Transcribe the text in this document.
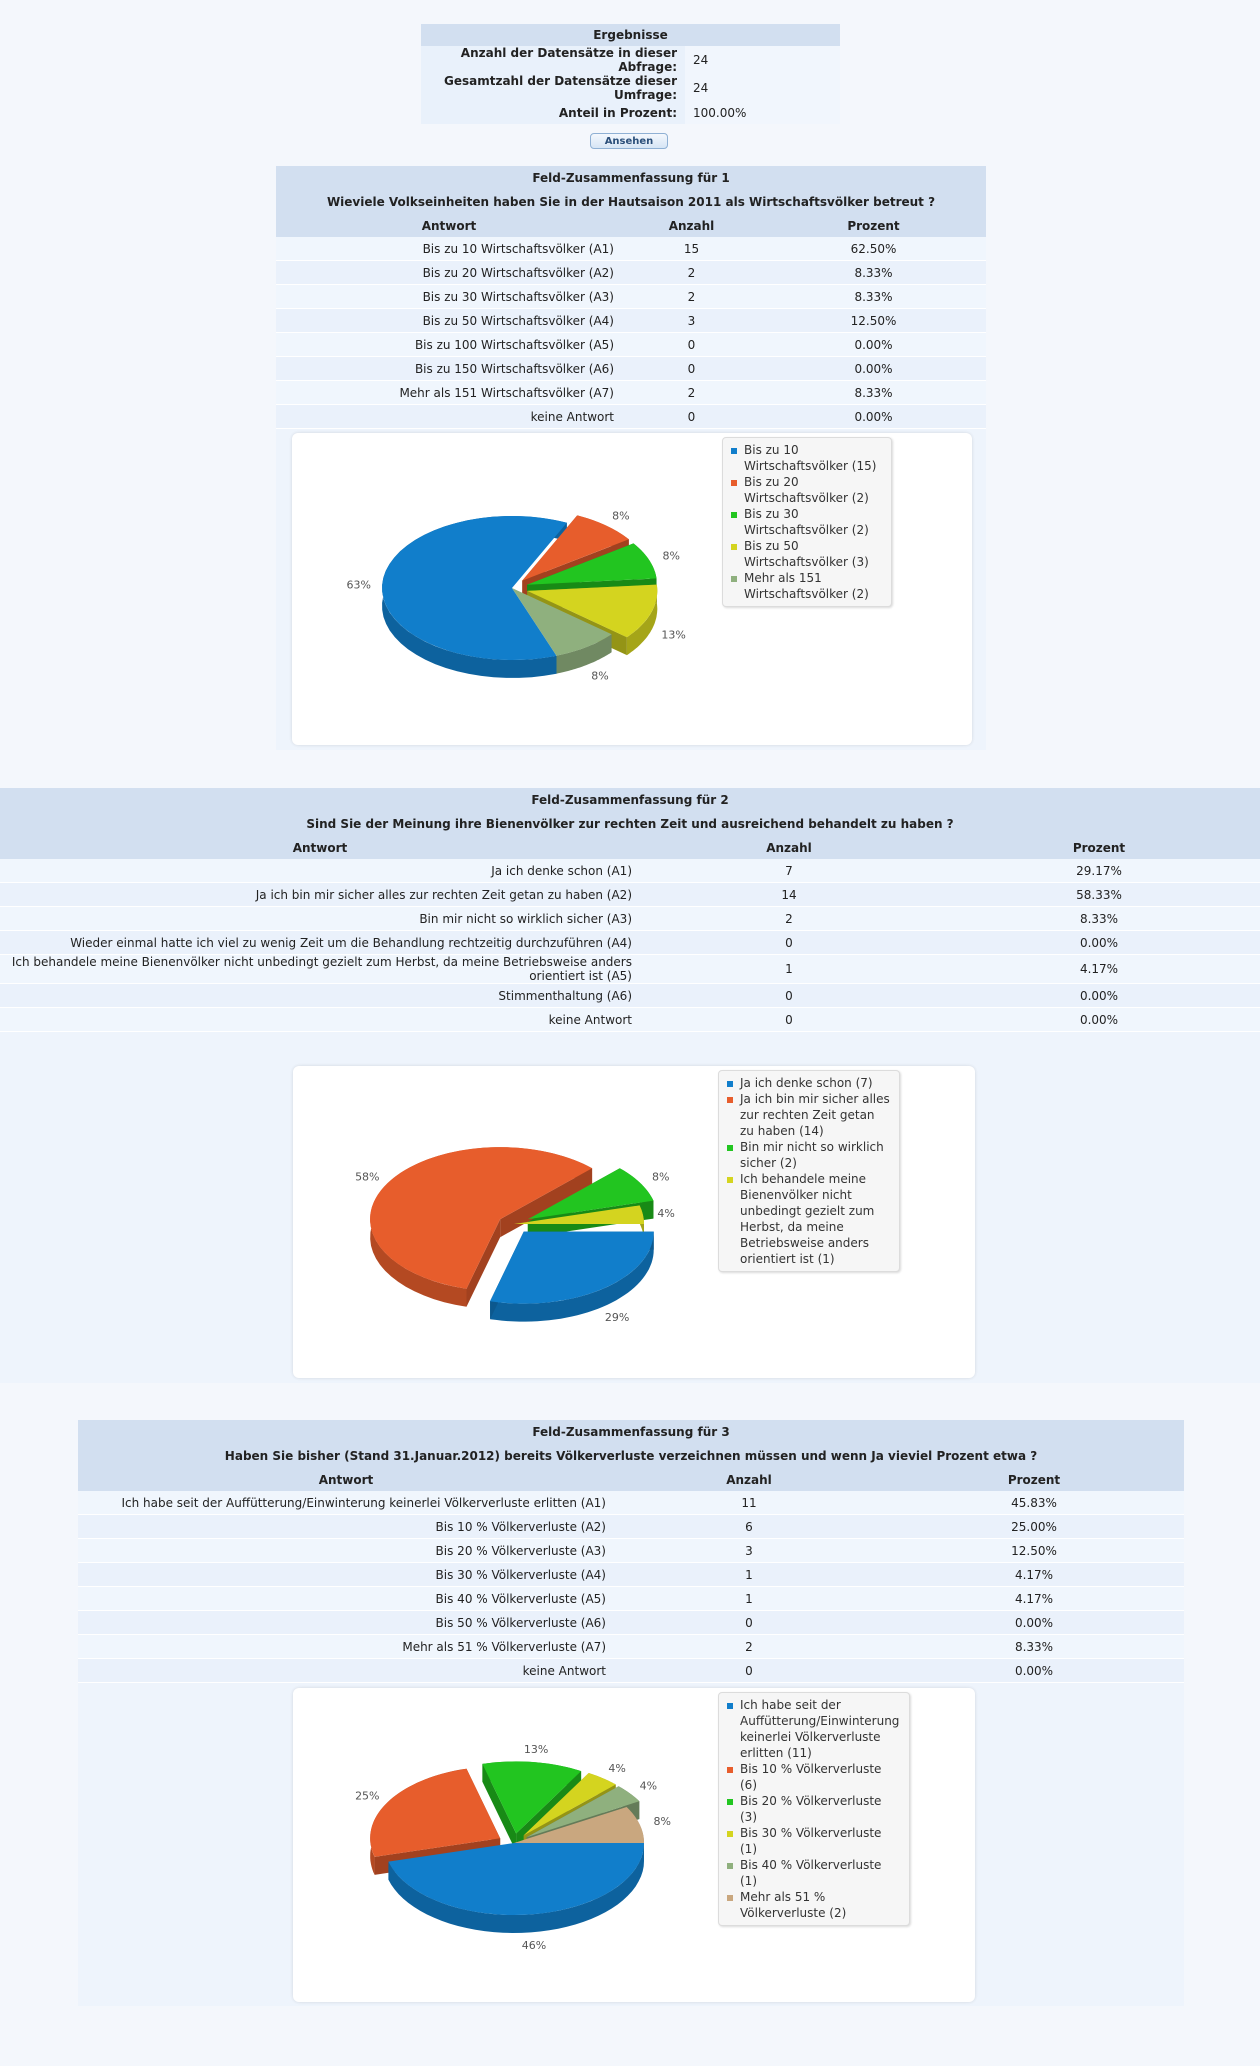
Ergebnisse	
Anzahl der Datensätze in dieser Abfrage:	24
Gesamtzahl der Datensätze dieser Umfrage:	24
Anteil in Prozent:	100.00%
Ansehen
Feld-Zusammenfassung für 1		
Wieviele Volkseinheiten haben Sie in der Hautsaison 2011 als Wirtschaftsvölker betreut ?		
Antwort	Anzahl	Prozent
Bis zu 10 Wirtschaftsvölker (A1)	15	62.50%
Bis zu 20 Wirtschaftsvölker (A2)	2	8.33%
Bis zu 30 Wirtschaftsvölker (A3)	2	8.33%
Bis zu 50 Wirtschaftsvölker (A4)	3	12.50%
Bis zu 100 Wirtschaftsvölker (A5)	0	0.00%
Bis zu 150 Wirtschaftsvölker (A6)	0	0.00%
Mehr als 151 Wirtschaftsvölker (A7)	2	8.33%
keine Antwort	0	0.00%
63%
8%
8%
13%
8%
Bis zu 10 Wirtschaftsvölker (15)
Bis zu 20 Wirtschaftsvölker (2)
Bis zu 30 Wirtschaftsvölker (2)
Bis zu 50 Wirtschaftsvölker (3)
Mehr als 151 Wirtschaftsvölker (2)
Feld-Zusammenfassung für 2		
Sind Sie der Meinung ihre Bienenvölker zur rechten Zeit und ausreichend behandelt zu haben ?		
Antwort	Anzahl	Prozent
Ja ich denke schon (A1)	7	29.17%
Ja ich bin mir sicher alles zur rechten Zeit getan zu haben (A2)	14	58.33%
Bin mir nicht so wirklich sicher (A3)	2	8.33%
Wieder einmal hatte ich viel zu wenig Zeit um die Behandlung rechtzeitig durchzuführen (A4)	0	0.00%
Ich behandele meine Bienenvölker nicht unbedingt gezielt zum Herbst, da meine Betriebsweise anders orientiert ist (A5)	1	4.17%
Stimmenthaltung (A6)	0	0.00%
keine Antwort	0	0.00%
29%
58%	8%
4%
Ja ich denke schon (7)
Ja ich bin mir sicher alles zur rechten Zeit getan zu haben (14)
Bin mir nicht so wirklich sicher (2)
Ich behandele meine Bienenvölker nicht unbedingt gezielt zum Herbst, da meine Betriebsweise anders orientiert ist (1)
Feld-Zusammenfassung für 3		
Haben Sie bisher (Stand 31.Januar.2012) bereits Völkerverluste verzeichnen müssen und wenn Ja vieviel Prozent etwa ?		
Antwort	Anzahl	Prozent
Ich habe seit der Auffütterung/Einwinterung keinerlei Völkerverluste erlitten (A1)	11	45.83%
Bis 10 % Völkerverluste (A2)	6	25.00%
Bis 20 % Völkerverluste (A3)	3	12.50%
Bis 30 % Völkerverluste (A4)	1	4.17%
Bis 40 % Völkerverluste (A5)	1	4.17%
Bis 50 % Völkerverluste (A6)	0	0.00%
Mehr als 51 % Völkerverluste (A7)	2	8.33%
keine Antwort	0	0.00%
46%
25%
13%
4%
4%
8%
Ich habe seit der Auffütterung/Einwinterung keinerlei Völkerverluste erlitten (11)
Bis 10 % Völkerverluste (6)
Bis 20 % Völkerverluste (3)
Bis 30 % Völkerverluste (1)
Bis 40 % Völkerverluste (1)
Mehr als 51 % Völkerverluste (2)
